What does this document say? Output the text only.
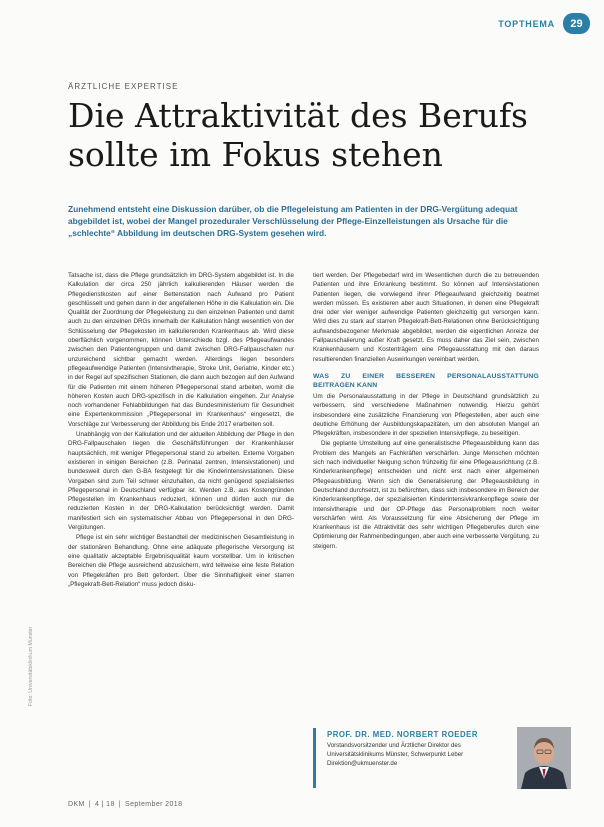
TOPTHEMA	29
ÄRZTLICHE EXPERTISE
Die Attraktivität des Berufs sollte im Fokus stehen
Zunehmend entsteht eine Diskussion darüber, ob die Pflegeleistung am Patienten in der DRG-Vergütung adequat abgebildet ist, wobei der Mangel prozeduraler Verschlüsselung der Pflege-Einzelleistungen als Ursache für die „schlechte“ Abbildung im deutschen DRG-System gesehen wird.

Tatsache ist, dass die Pflege grundsätzlich im DRG-System abgebildet ist. In die Kalkulation der circa 250 jährlich kalkulierenden Häuser werden die Pflegedienstkosten auf einer Bettenstation nach Aufwand pro Patient geschlüsselt und gehen dann in der angefallenen Höhe in die Kalkulation ein. Die Qualität der Zuordnung der Pflegeleistung zu den einzelnen Patienten und damit auch zu den einzelnen DRGs innerhalb der Kalkulation hängt wesentlich von der Schlüsselung der Pflegekosten im kalkulierenden Krankenhaus ab. Wird diese oberflächlich vorgenommen, können Unterschiede bzgl. des Pflegeaufwandes zwischen den Patientengruppen und damit zwischen DRG-Fallpauschalen nur unzureichend sichtbar gemacht werden. Allerdings liegen besonders pflegeaufwendige Patienten (Intensivtherapie, Stroke Unit, Geriatrie, Kinder etc.) in der Regel auf spezifischen Stationen, die dann auch bezogen auf den Aufwand für die Patienten mit einem höheren Pflegepersonal stand arbeiten, womit die höheren Kosten auch DRG-spezifisch in die Kalkulation eingehen. Zur Analyse noch vorhandener Fehlabbildungen hat das Bundesministerium für Gesundheit eine Expertenkommission „Pflegepersonal im Krankenhaus“ eingesetzt, die Vorschläge zur Verbesserung der Abbildung bis Ende 2017 erarbeiten soll.

Unabhängig von der Kalkulation und der aktuellen Abbildung der Pflege in den DRG-Fallpauschalen liegen die Geschäftsführungen der Krankenhäuser hauptsächlich, mit weniger Pflegepersonal stand zu arbeiten. Externe Vorgaben existieren in einigen Bereichen (z.B. Perinatal zentren, Intensivstationen) und bundesweit durch den G-BA festgelegt für die Kinderintensivstationen. Diese Vorgaben sind zum Teil schwer einzuhalten, da nicht genügend spezialisiertes Pflegepersonal in Deutschland verfügbar ist. Werden z.B. aus Kostengründen Pflegestellen im Krankenhaus reduziert, können und dürfen auch nur die reduzierten Kosten in der DRG-Kalkulation berücksichtigt werden. Damit manifestiert sich ein systematischer Abbau von Pflegepersonal in den DRG-Vergütungen.

Pflege ist ein sehr wichtiger Bestandteil der medizinischen Gesamtleistung in der stationären Behandlung. Ohne eine adäquate pflegerische Versorgung ist eine qualitativ akzeptable Ergebnisqualität kaum vorstellbar. Um in kritischen Bereichen die Pflege ausreichend abzusichern, wird teilweise eine feste Relation von Pflegekräften pro Bett gefordert. Über die Sinnhaftigkeit einer starren „Pflegekraft-Bett-Relation“ muss jedoch disku-

tiert werden. Der Pflegebedarf wird im Wesentlichen durch die zu betreuenden Patienten und ihre Erkrankung bestimmt. So können auf Intensivstationen Patienten liegen, die vorwiegend ihrer Pflegeaufwand gleichzeitig beatmet werden müssen. Es existieren aber auch Situationen, in denen eine Pflegekraft drei oder vier weniger aufwendige Patienten gleichzeitig gut versorgen kann. Wird dies zu stark auf starren Pflegekraft-Bett-Relationen ohne Berücksichtigung aufwandsbezogener Merkmale abgebildet, werden die eigentlichen Anreize der Fallpauschalierung außer Kraft gesetzt. Es muss daher das Ziel sein, zwischen Krankenhäusern und Kostenträgern eine Pflegeausstattung mit den daraus resultierenden finanziellen Auswirkungen vereinbart werden.

WAS ZU EINER BESSEREN PERSONALAUSSTATTUNG BEITRAGEN KANN

Um die Personalausstattung in der Pflege in Deutschland grundsätzlich zu verbessern, sind verschiedene Maßnahmen notwendig. Hierzu gehört insbesondere eine zusätzliche Finanzierung von Pflegestellen, aber auch eine deutliche Erhöhung der Ausbildungskapazitäten, um den absoluten Mangel an Pflegekräften, insbesondere in der speziellen Intensivpflege, zu beseitigen.

Die geplante Umstellung auf eine generalistische Pflegeausbildung kann das Problem des Mangels an Fachkräften verschärfen. Junge Menschen möchten sich nach individueller Neigung schon frühzeitig für eine Pflegeausrichtung (z.B. Kinderkrankenpflege) entscheiden und nicht erst nach einer allgemeinen Pflegeausbildung. Wenn sich die Generalisierung der Pflegeausbildung in Deutschland durchsetzt, ist zu befürchten, dass sich insbesondere im Bereich der Kinderkrankenpflege, der spezialisierten Kinderintensivkrankenpflege sowie der Intensivtherapie und der OP-Pflege das Personalproblem noch weiter verschärfen wird. Als Voraussetzung für eine Absicherung der Pflege im Krankenhaus ist die Attraktivität des sehr wichtigen Pflegeberufes durch eine Optimierung der Rahmenbedingungen, aber auch eine verbesserte Vergütung, zu steigern.

PROF. DR. MED. NORBERT ROEDER
Vorstandsvorsitzender und Ärztlicher Direktor des Universitätsklinikums Münster, Schwerpunkt Leber Direktion@ukmuenster.de
Foto: Universitätsklinikum Münster
DKM | 4 | 18 | September 2018
